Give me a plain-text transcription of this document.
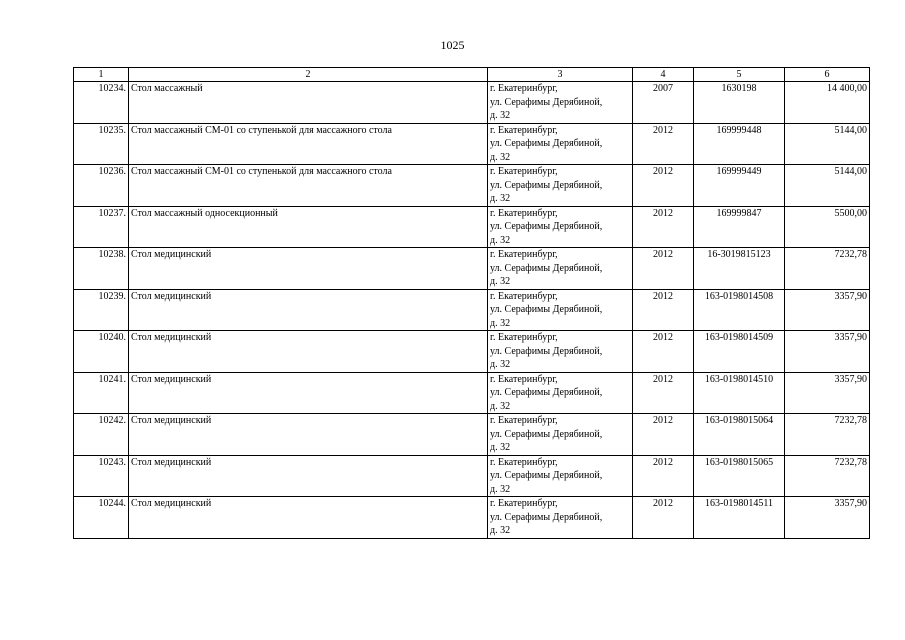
1025
1	2	3	4	5	6
10234.	Стол массажный	г. Екатеринбург,
ул. Серафимы Дерябиной,
д. 32	2007	1630198	14 400,00
10235.	Стол массажный СМ-01 со ступенькой для массажного стола	г. Екатеринбург,
ул. Серафимы Дерябиной,
д. 32	2012	169999448	5144,00
10236.	Стол массажный СМ-01 со ступенькой для массажного стола	г. Екатеринбург,
ул. Серафимы Дерябиной,
д. 32	2012	169999449	5144,00
10237.	Стол массажный односекционный	г. Екатеринбург,
ул. Серафимы Дерябиной,
д. 32	2012	169999847	5500,00
10238.	Стол медицинский	г. Екатеринбург,
ул. Серафимы Дерябиной,
д. 32	2012	16-3019815123	7232,78
10239.	Стол медицинский	г. Екатеринбург,
ул. Серафимы Дерябиной,
д. 32	2012	163-0198014508	3357,90
10240.	Стол медицинский	г. Екатеринбург,
ул. Серафимы Дерябиной,
д. 32	2012	163-0198014509	3357,90
10241.	Стол медицинский	г. Екатеринбург,
ул. Серафимы Дерябиной,
д. 32	2012	163-0198014510	3357,90
10242.	Стол медицинский	г. Екатеринбург,
ул. Серафимы Дерябиной,
д. 32	2012	163-0198015064	7232,78
10243.	Стол медицинский	г. Екатеринбург,
ул. Серафимы Дерябиной,
д. 32	2012	163-0198015065	7232,78
10244.	Стол медицинский	г. Екатеринбург,
ул. Серафимы Дерябиной,
д. 32	2012	163-0198014511	3357,90
